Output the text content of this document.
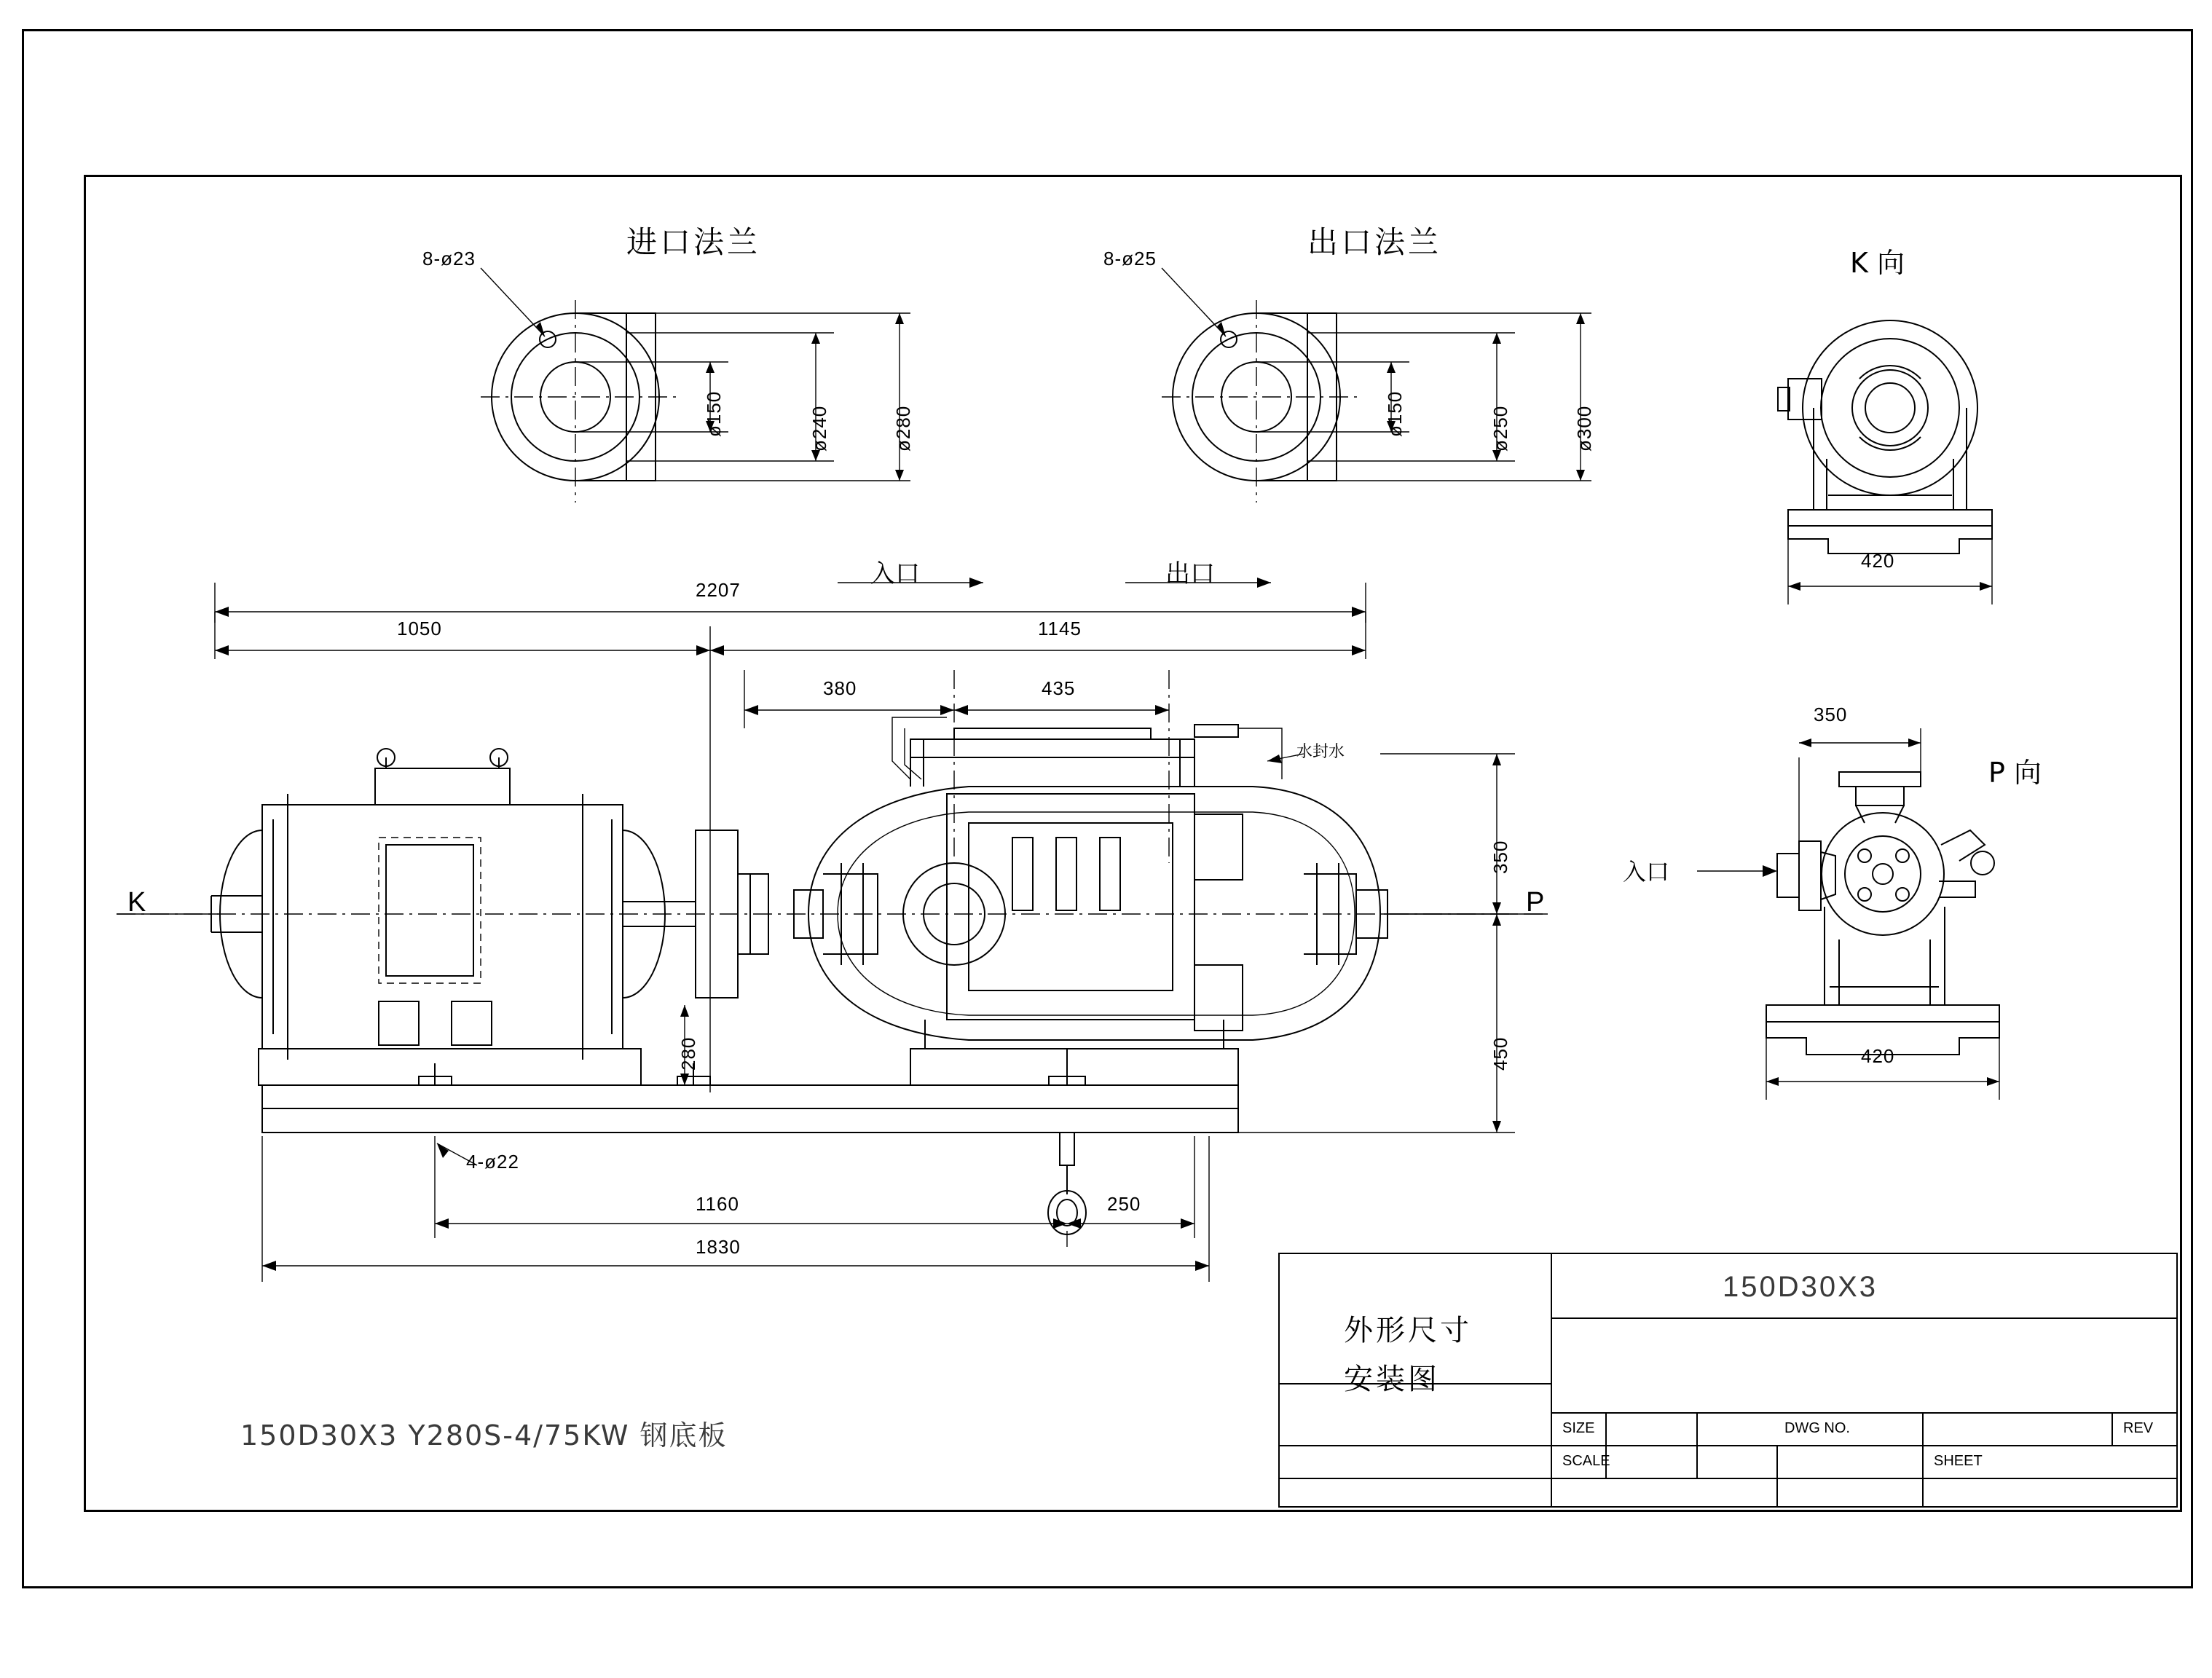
进口法兰
8-ø23
ø150	ø240	ø280
出口法兰
8-ø25
ø150	ø250	ø300
K 向
420
P 向
350
420
入口
2207
1050	1145
380	435
入口	出口
水封水
K	P
280
350
450
4-ø22
1160	250
1830
150D30X3 Y280S-4/75KW 钢底板
外形尺寸
安装图
150D30X3
SIZE	DWG NO.	REV
SCALE	SHEET
